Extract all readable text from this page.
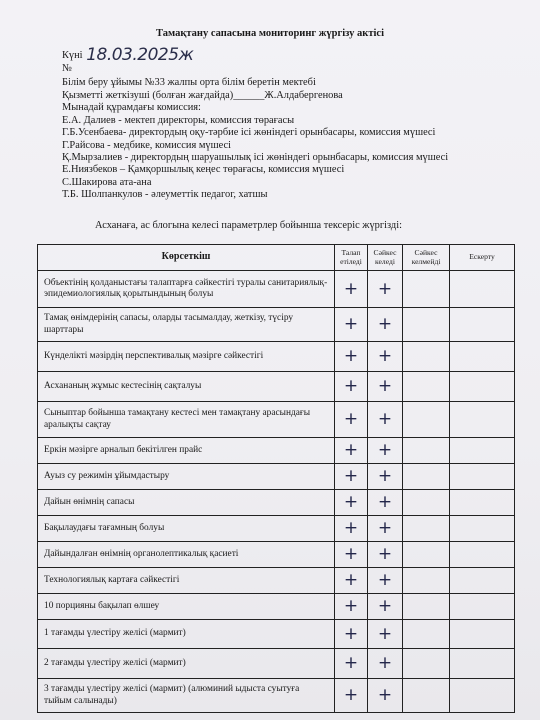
Тамақтану сапасына мониторинг жүргізу актісі
Күні 18.03.2025ж
№
Білім беру ұйымы №33 жалпы орта білім беретін мектебі
Қызметті жеткізуші (болған жағдайда)______Ж.Алдабергенова
Мынадай құрамдағы комиссия:
Е.А. Далиев - мектеп директоры, комиссия төрағасы
Г.Б.Усенбаева- директордың оқу-тәрбие ісі жөніндегі орынбасары, комиссия мүшесі
Г.Райсова - медбике, комиссия мүшесі
Қ.Мырзалиев - директордың шаруашылық ісі жөніндегі орынбасары, комиссия мүшесі
Е.Ниязбеков – Қамқоршылық кеңес төрағасы, комиссия мүшесі
С.Шакирова ата-ана
Т.Б. Шолпанкулов - әлеуметтік педагог, хатшы
Асханаға, ас блогына келесі параметрлер бойынша тексеріс жүргізді:
Көрсеткіш	Талап етіледі	Сәйкес келеді	Сәйкес келмейді	Ескерту
Объектінің қолданыстағы талаптарға сәйкестігі туралы санитариялық-эпидемиологиялық қорытындының болуы	+	+		

Тамақ өнімдерінің сапасы, оларды тасымалдау, жеткізу, түсіру шарттары	+	+		

Күнделікті мәзірдің перспективалық мәзірге сәйкестігі	+	+		

Асхананың жұмыс кестесінің сақталуы	+	+		

Сыныптар бойынша тамақтану кестесі мен тамақтану арасындағы аралықты сақтау	+	+		

Еркін мәзірге арналып бекітілген прайс	+	+		

Ауыз су режимін ұйымдастыру	+	+		

Дайын өнімнің сапасы	+	+		

Бақылаудағы тағамның болуы	+	+		

Дайындалған өнімнің органолептикалық қасиеті	+	+		

Технологиялық картаға сәйкестігі	+	+		

10 порцияны бақылап өлшеу	+	+		

1 тағамды үлестіру желісі (мармит)	+	+		

2 тағамды үлестіру желісі (мармит)	+	+		

3 тағамды үлестіру желісі (мармит) (алюминий ыдыста суытуға тыйым салынады)	+	+		
